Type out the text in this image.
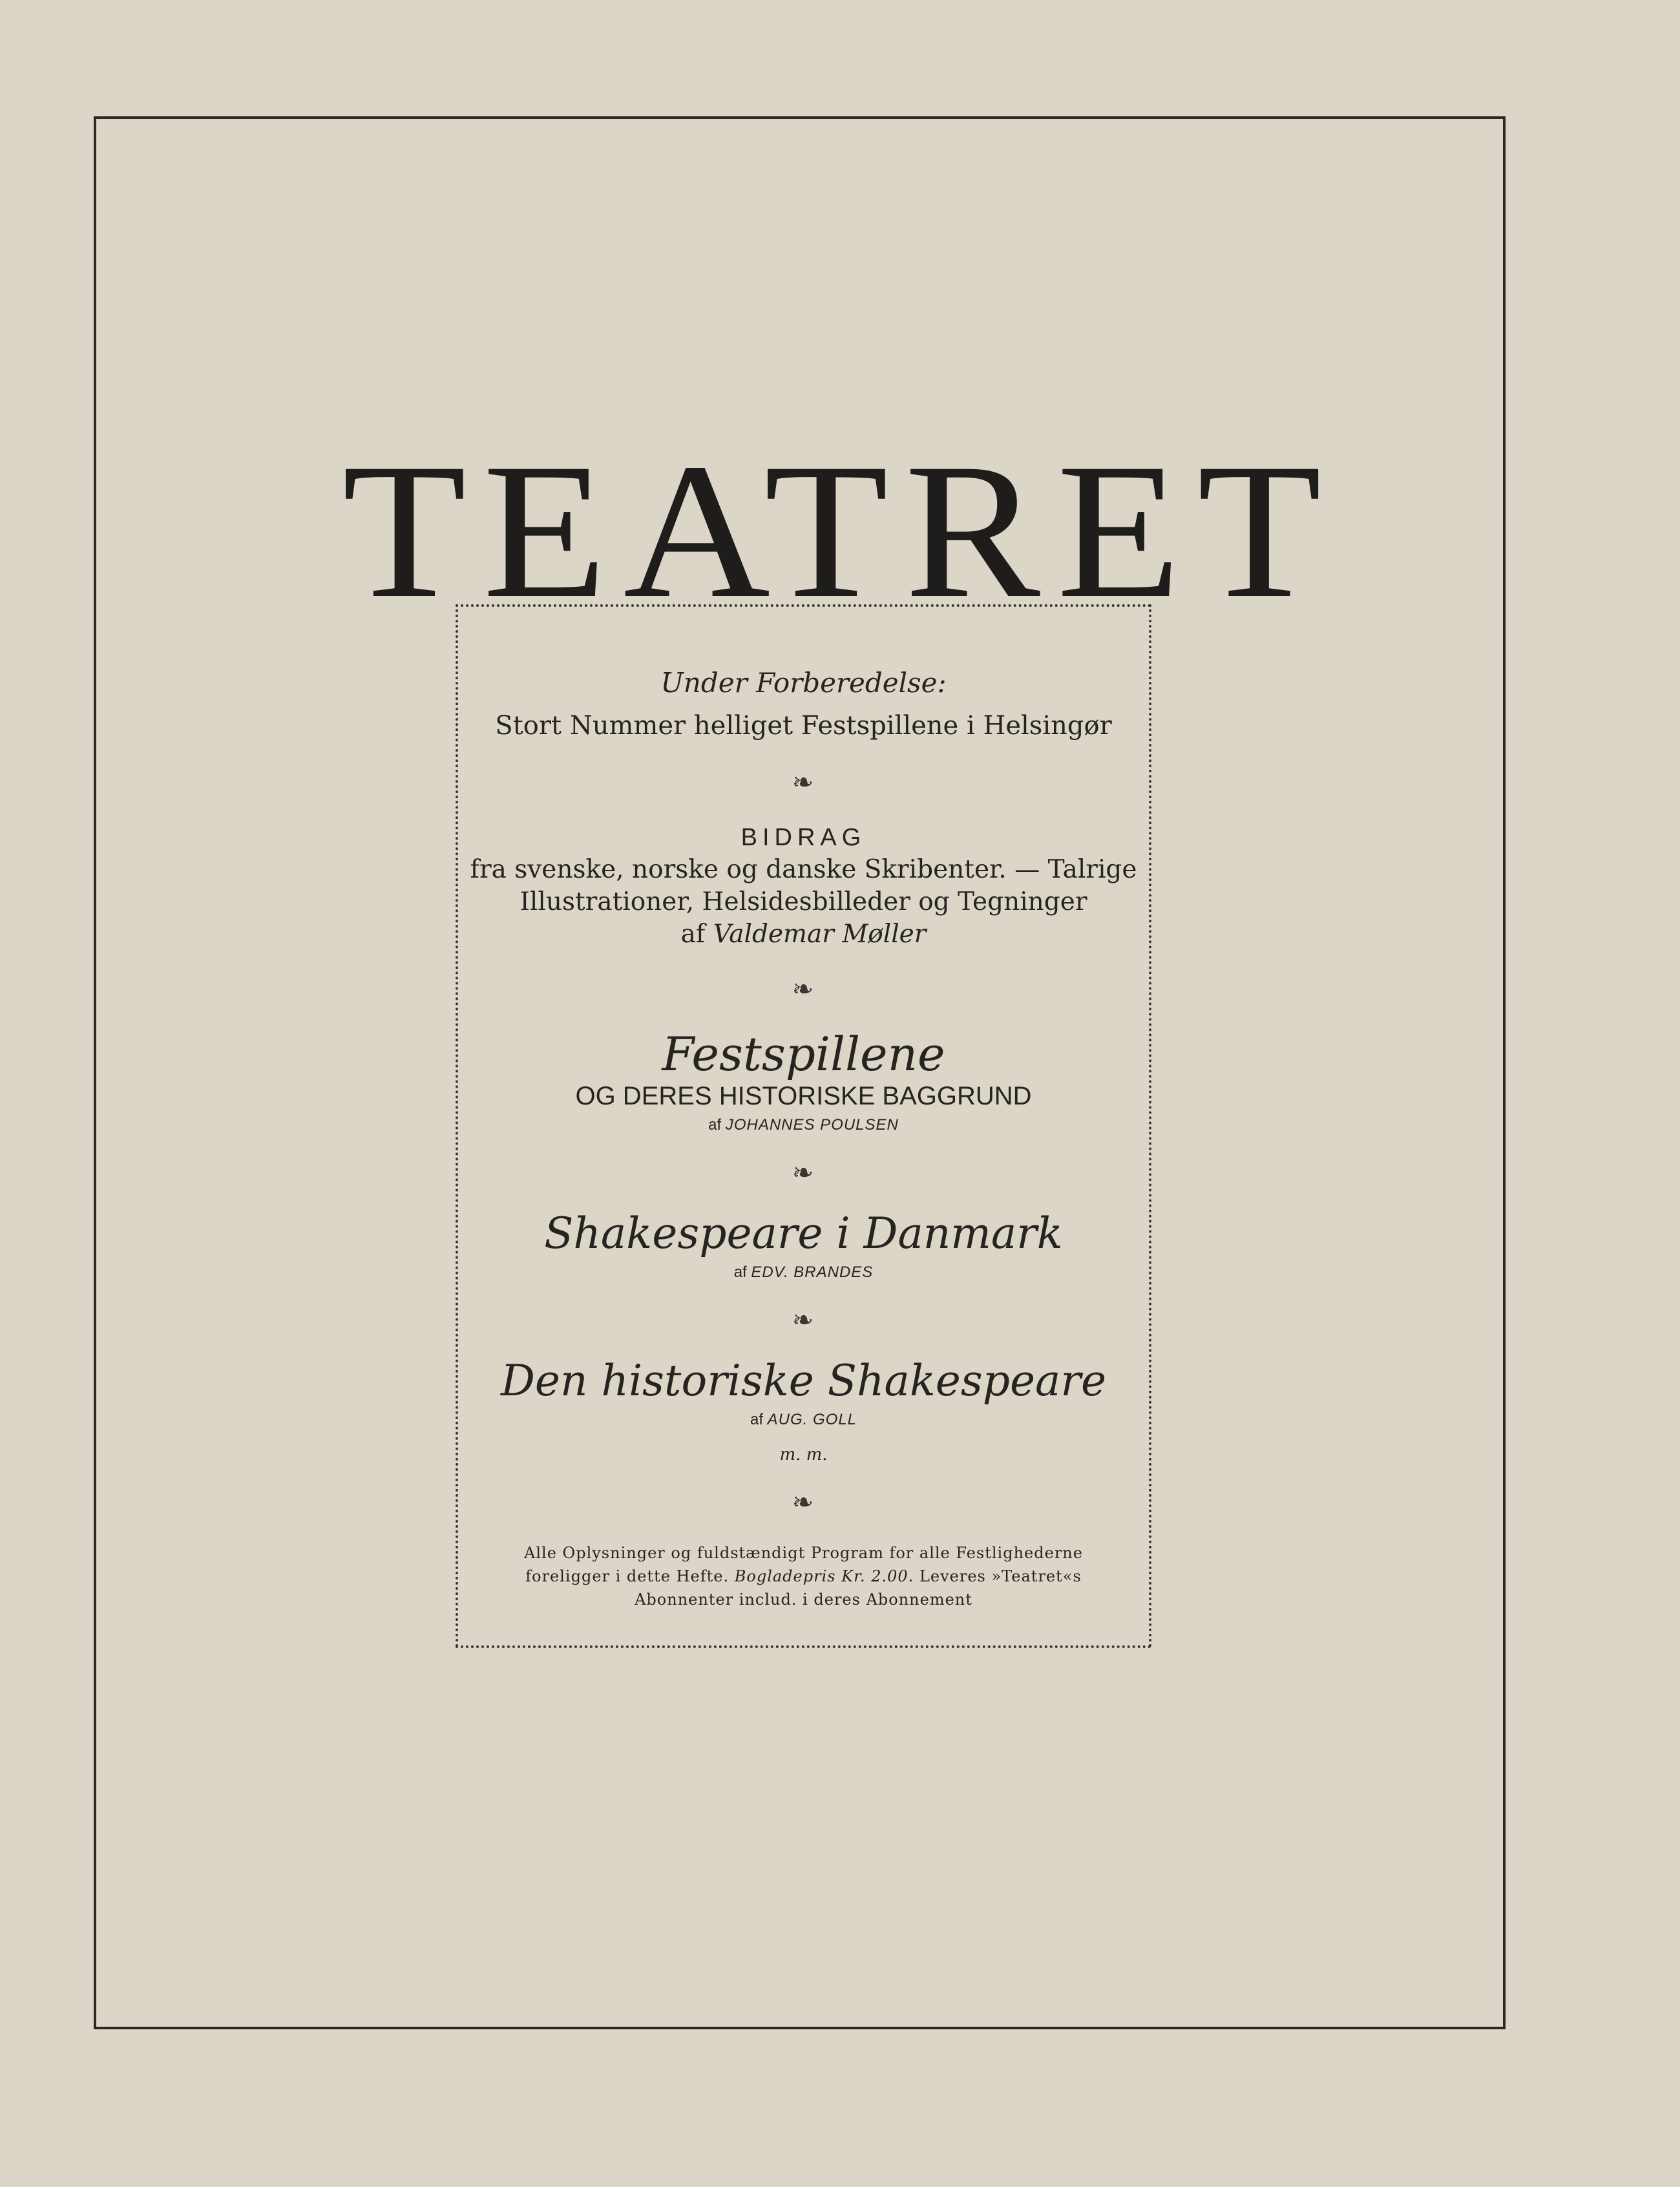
TEATRET

Under Forberedelse:

Stort Nummer helliget Festspillene i Helsingør

❧

BIDRAG

fra svenske, norske og danske Skribenter. — Talrige

Illustrationer, Helsidesbilleder og Tegninger

af Valdemar Møller

❧

Festspillene

OG DERES HISTORISKE BAGGRUND

af JOHANNES POULSEN

❧

Shakespeare i Danmark

af EDV. BRANDES

❧

Den historiske Shakespeare

af AUG. GOLL

m. m.

❧

Alle Oplysninger og fuldstændigt Program for alle Festlighederne

foreligger i dette Hefte. Bogladepris Kr. 2.00. Leveres »Teatret«s

Abonnenter includ. i deres Abonnement
